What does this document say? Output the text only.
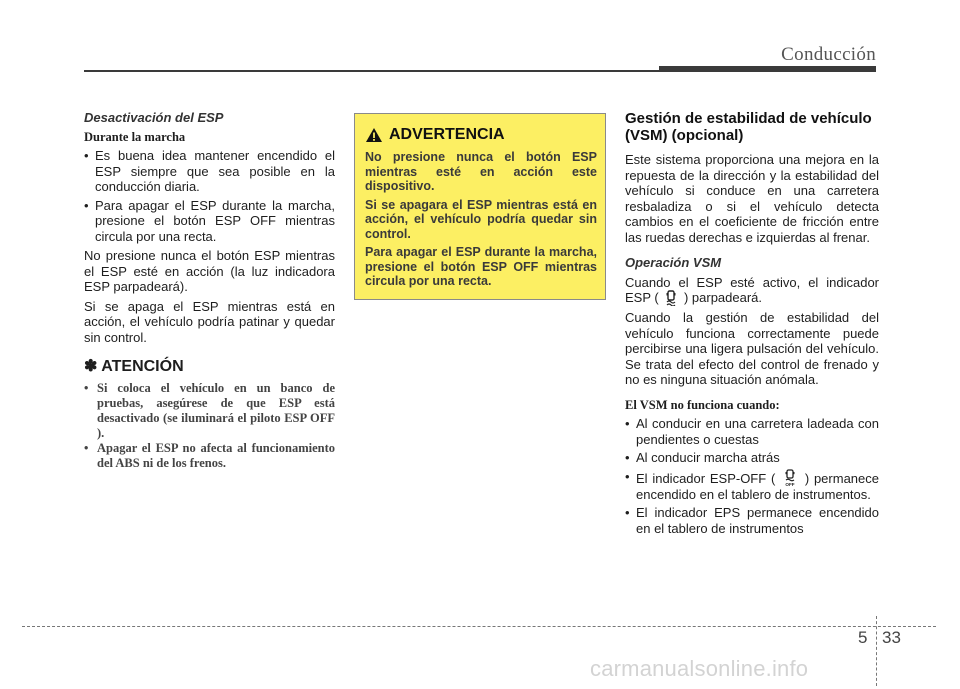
Conducción

Desactivación del ESP

Durante la marcha

• Es buena idea mantener encendido el ESP siempre que sea posible en la conducción diaria.
• Para apagar el ESP durante la marcha, presione el botón ESP OFF mientras circula por una recta.

No presione nunca el botón ESP mientras el ESP esté en acción (la luz indicadora ESP parpadeará).

Si se apaga el ESP mientras está en acción, el vehículo podría patinar y quedar sin control.

✽ ATENCIÓN
• Si coloca el vehículo en un banco de pruebas, asegúrese de que ESP está desactivado (se iluminará el piloto ESP OFF ).
• Apagar el ESP no afecta al funcionamiento del ABS ni de los frenos.
ADVERTENCIA

No presione nunca el botón ESP mientras esté en acción este dispositivo.

Si se apagara el ESP mientras está en acción, el vehículo podría quedar sin control.

Para apagar el ESP durante la marcha, presione el botón ESP OFF mientras circula por una recta.

Gestión de estabilidad de vehículo (VSM) (opcional)

Este sistema proporciona una mejora en la repuesta de la dirección y la estabilidad del vehículo si conduce en una carretera resbaladiza o si el vehículo detecta cambios en el coeficiente de fricción entre las ruedas derechas e izquierdas al frenar.

Operación VSM

Cuando el ESP esté activo, el indicador ESP ( ) parpadeará.

Cuando la gestión de estabilidad del vehículo funciona correctamente puede percibirse una ligera pulsación del vehículo. Se trata del efecto del control de frenado y no es ninguna situación anómala.

El VSM no funciona cuando:

• Al conducir en una carretera ladeada con pendientes o cuestas
• Al conducir marcha atrás
• El indicador ESP-OFF ( OFF ) permanece encendido en el tablero de instrumentos.
• El indicador EPS permanece encendido en el tablero de instrumentos
5 33
carmanualsonline.info
